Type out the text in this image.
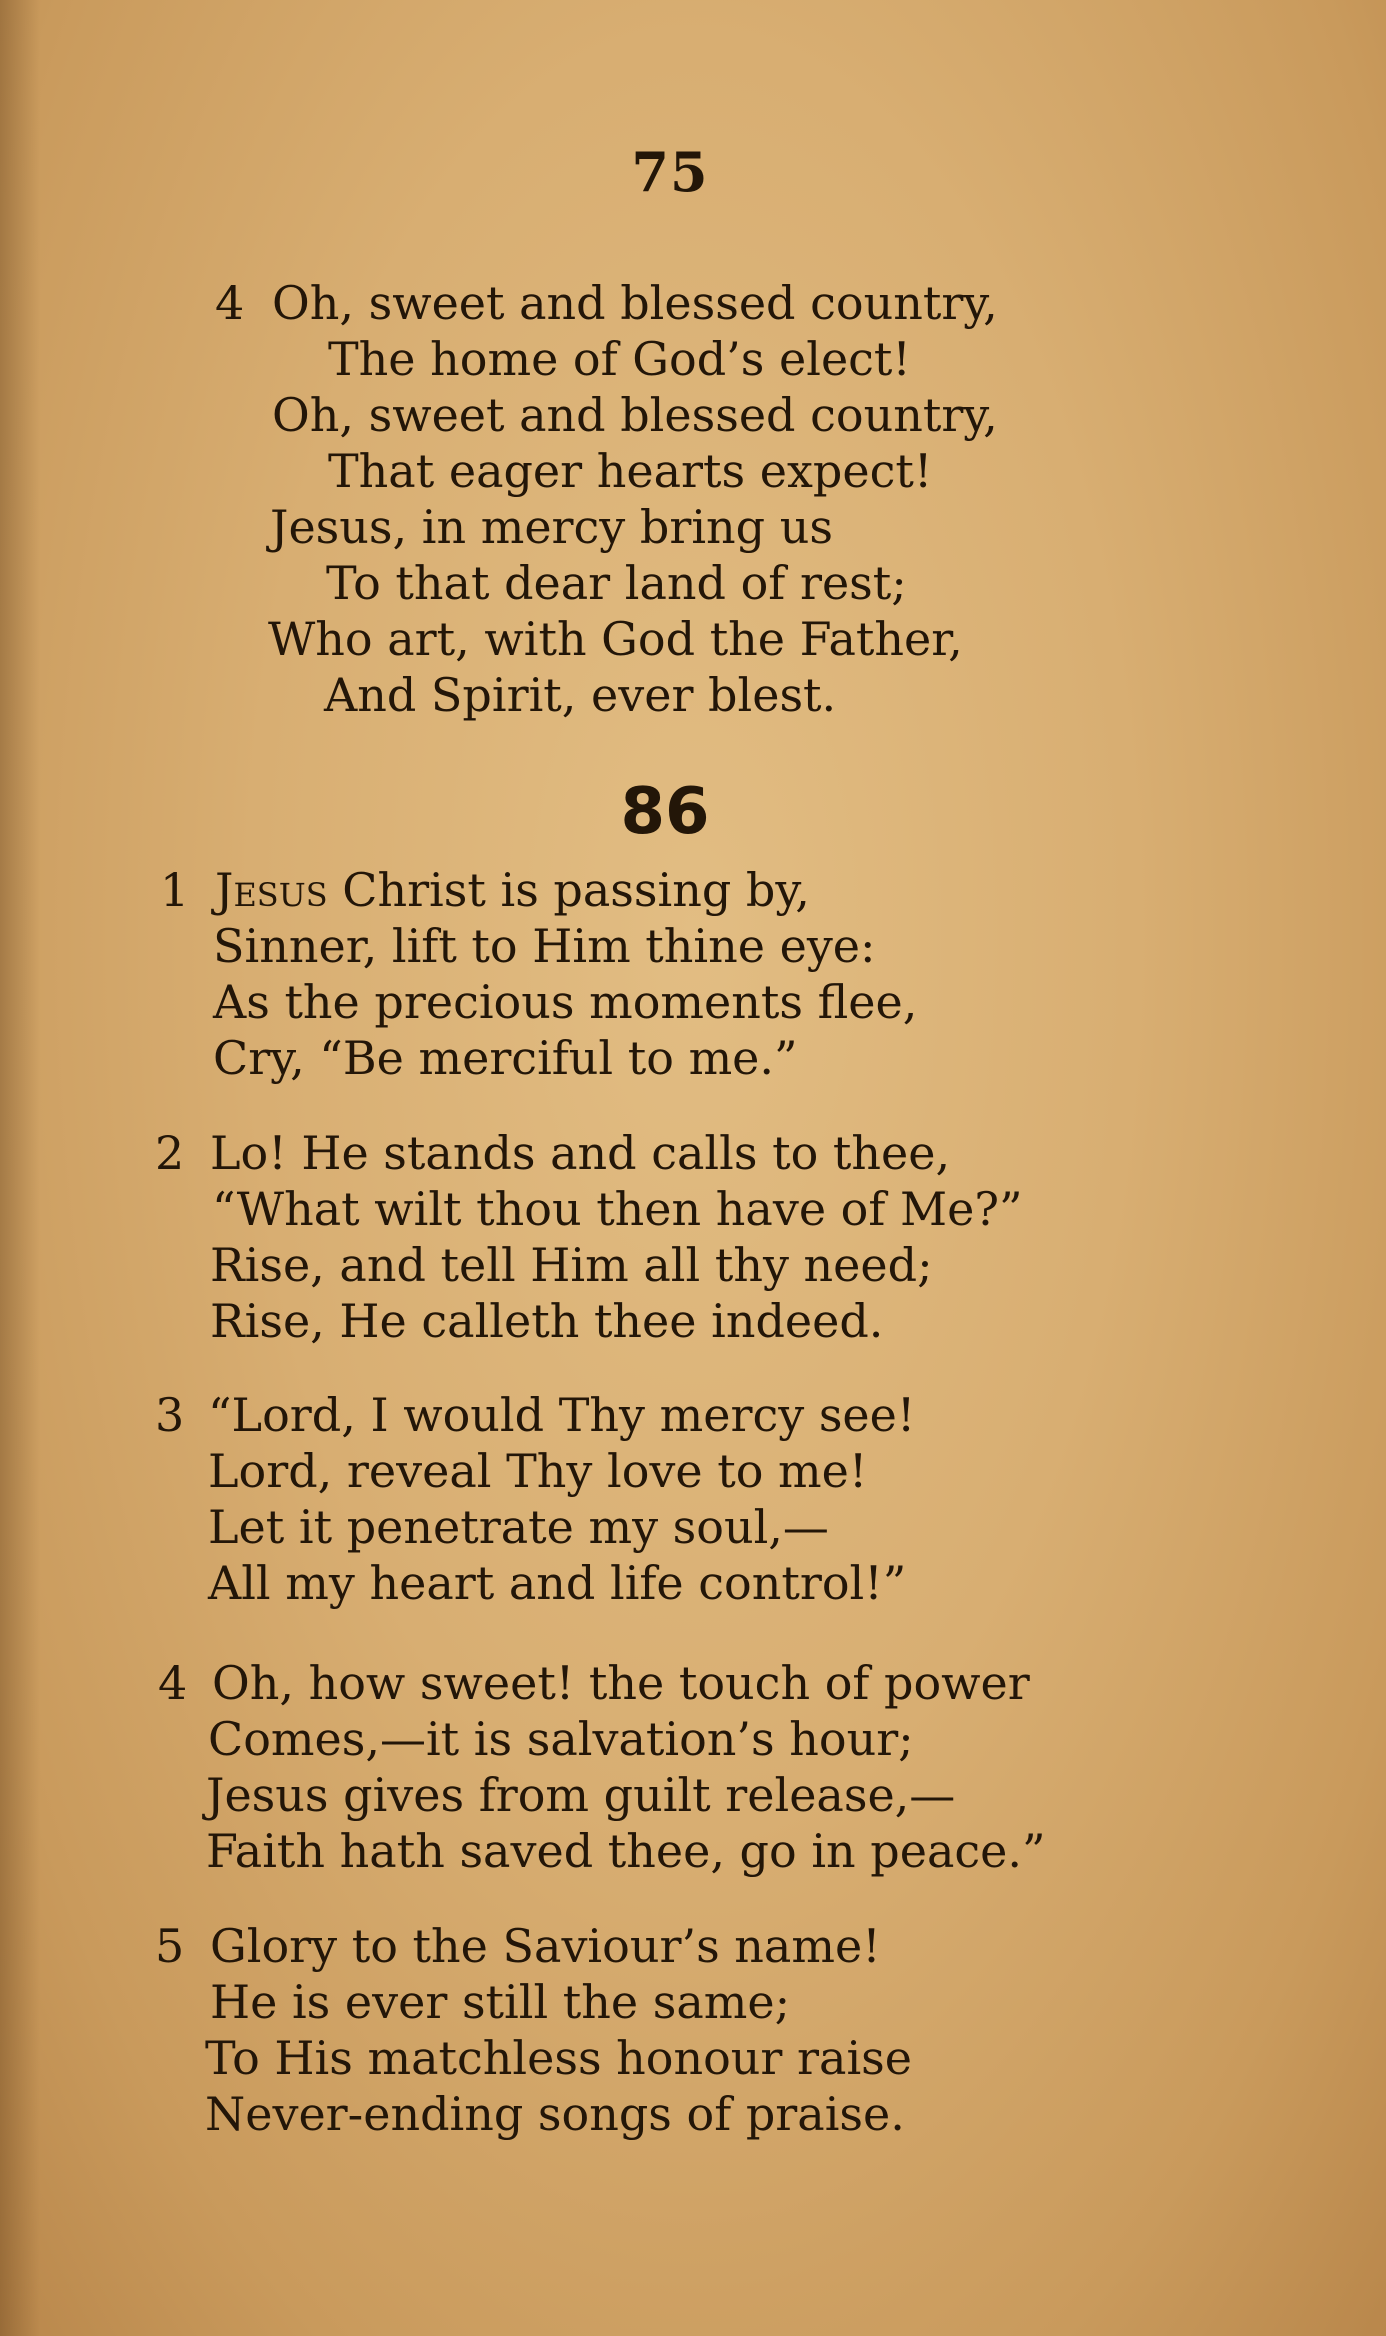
75
4 Oh, sweet and blessed country,
The home of God’s elect!
Oh, sweet and blessed country,
That eager hearts expect!
Jesus, in mercy bring us
To that dear land of rest;
Who art, with God the Father,
And Spirit, ever blest.
86
1 Jesus Christ is passing by,
Sinner, lift to Him thine eye:
As the precious moments flee,
Cry, “Be merciful to me.”
2 Lo! He stands and calls to thee,
“What wilt thou then have of Me?”
Rise, and tell Him all thy need;
Rise, He calleth thee indeed.
3 “Lord, I would Thy mercy see!
Lord, reveal Thy love to me!
Let it penetrate my soul,—
All my heart and life control!”
4 Oh, how sweet! the touch of power
Comes,—it is salvation’s hour;
Jesus gives from guilt release,—
Faith hath saved thee, go in peace.”
5 Glory to the Saviour’s name!
He is ever still the same;
To His matchless honour raise
Never-ending songs of praise.
